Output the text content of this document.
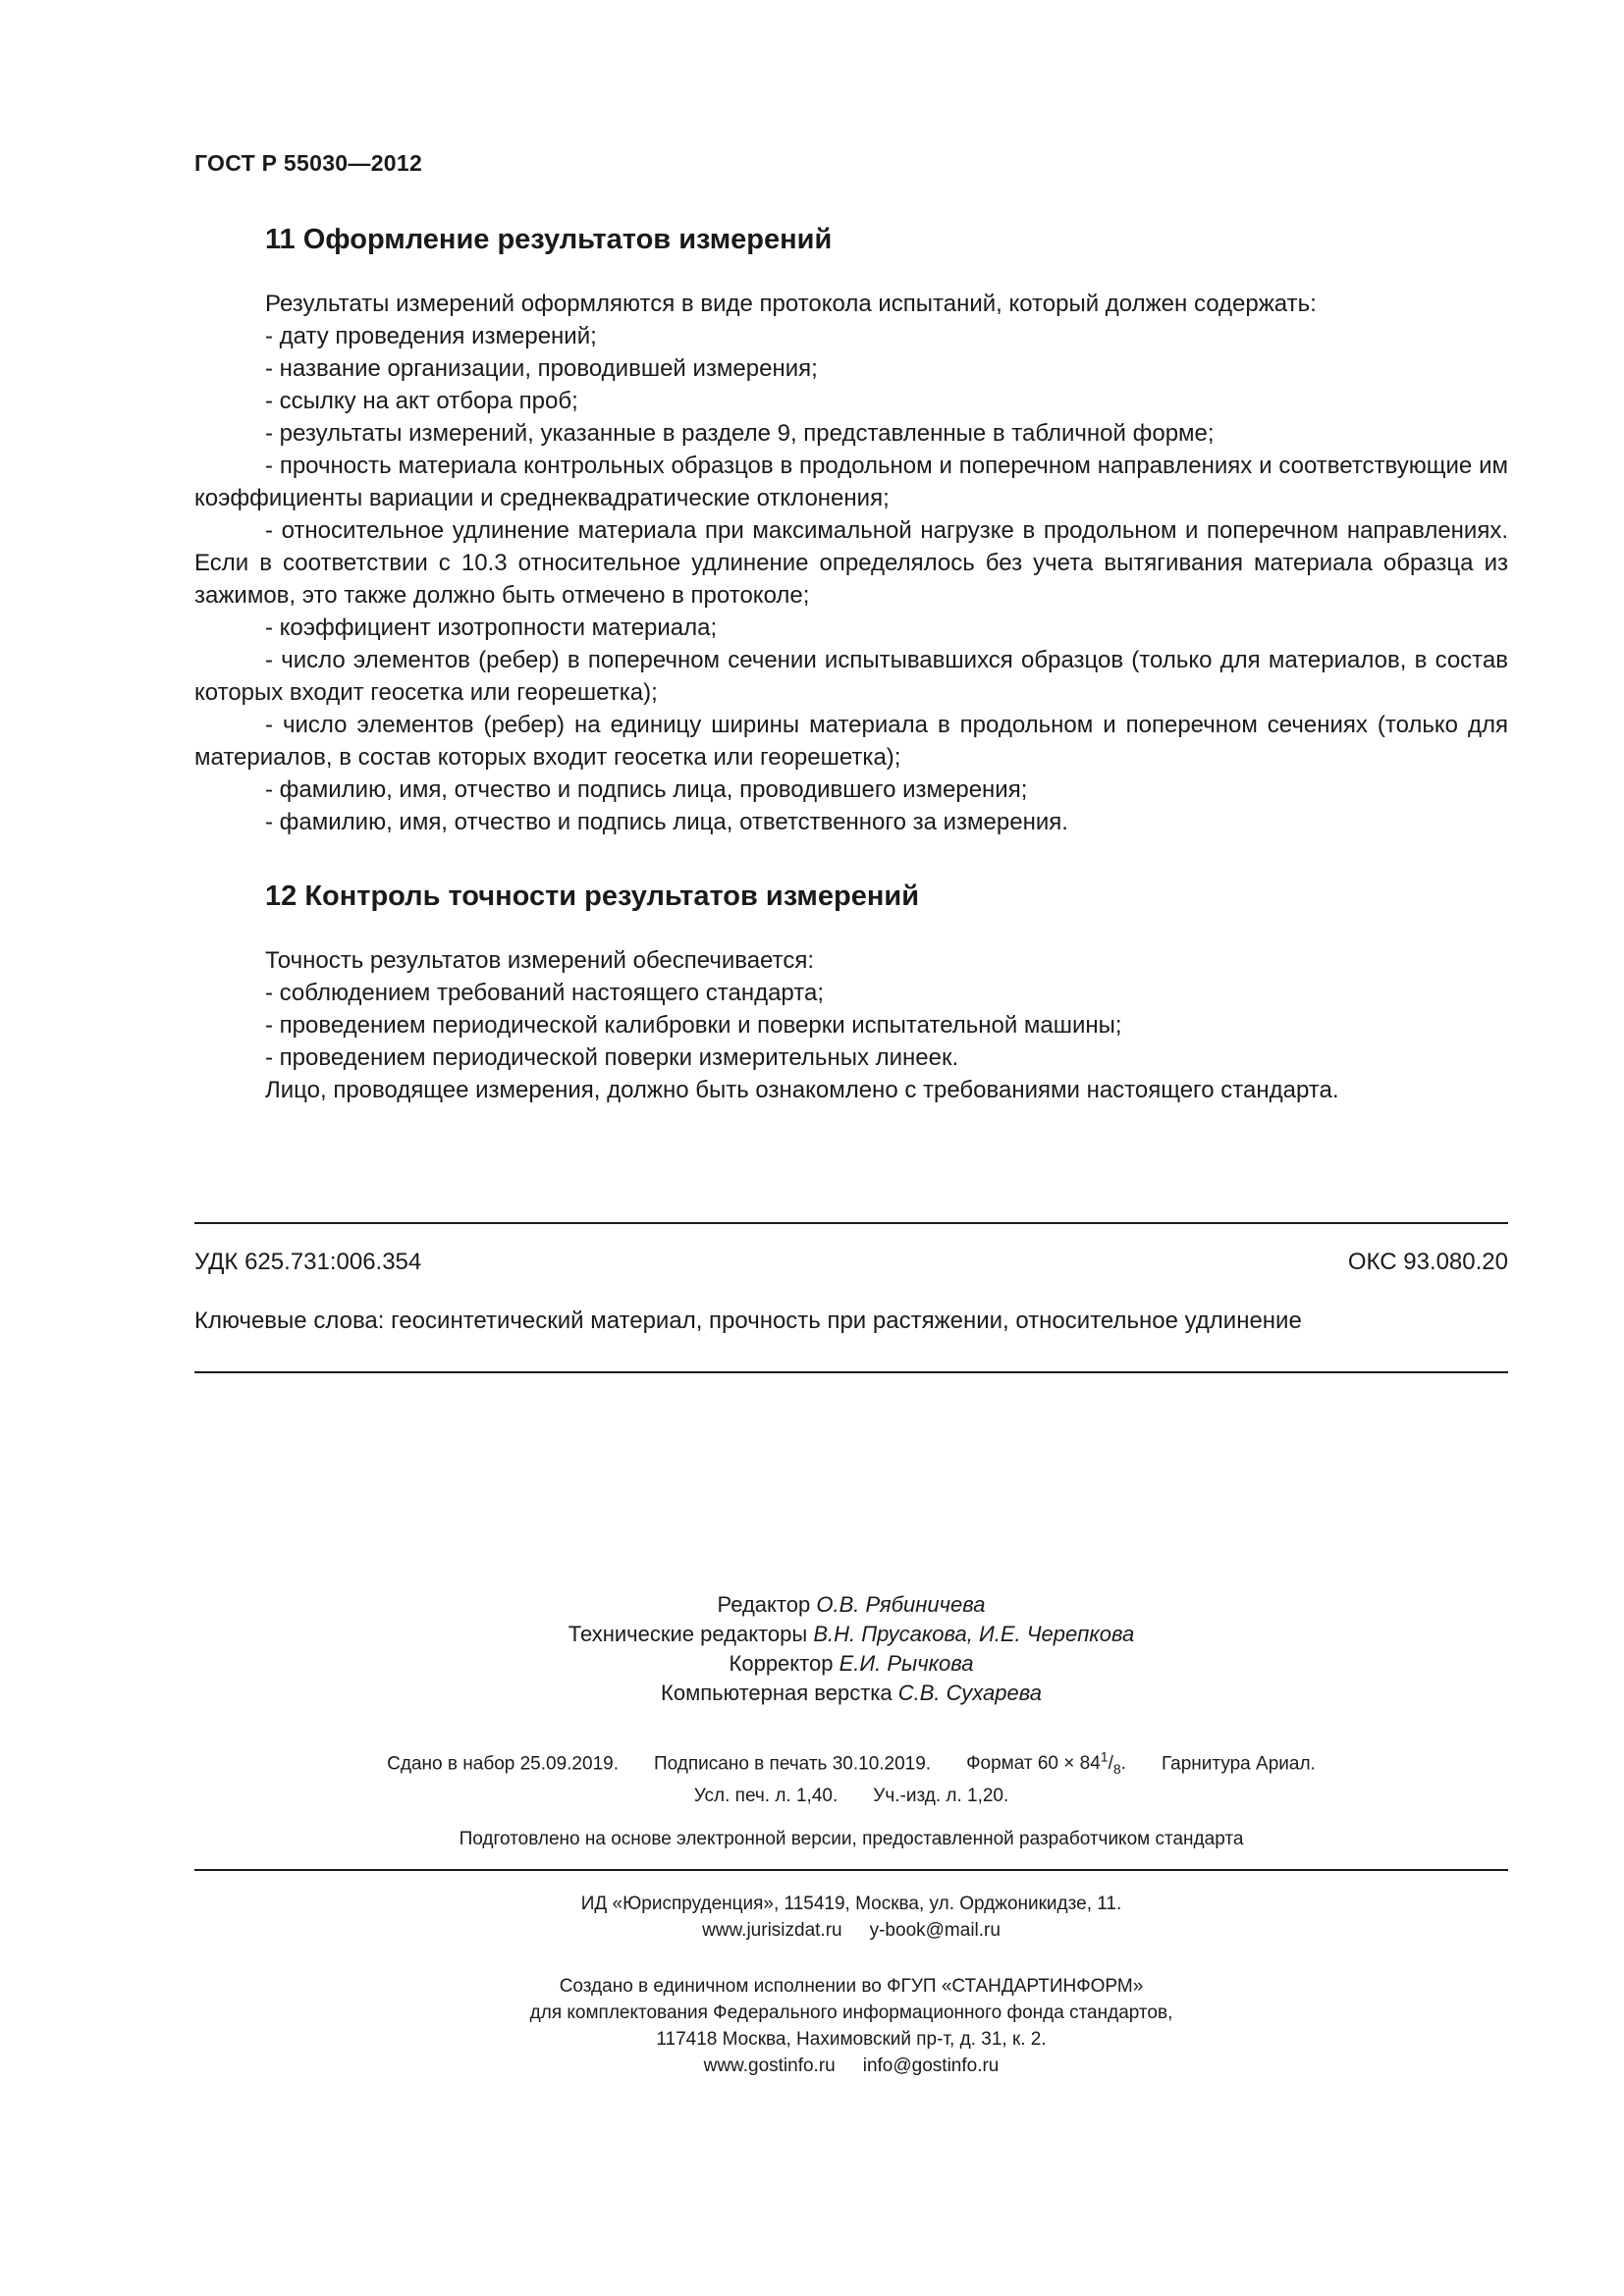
ГОСТ Р 55030—2012
11 Оформление результатов измерений

Результаты измерений оформляются в виде протокола испытаний, который должен содержать:

- дату проведения измерений;

- название организации, проводившей измерения;

- ссылку на акт отбора проб;

- результаты измерений, указанные в разделе 9, представленные в табличной форме;

- прочность материала контрольных образцов в продольном и поперечном направлениях и соответствующие им коэффициенты вариации и среднеквадратические отклонения;

- относительное удлинение материала при максимальной нагрузке в продольном и поперечном направлениях. Если в соответствии с 10.3 относительное удлинение определялось без учета вытягивания материала образца из зажимов, это также должно быть отмечено в протоколе;

- коэффициент изотропности материала;

- число элементов (ребер) в поперечном сечении испытывавшихся образцов (только для материалов, в состав которых входит геосетка или георешетка);

- число элементов (ребер) на единицу ширины материала в продольном и поперечном сечениях (только для материалов, в состав которых входит геосетка или георешетка);

- фамилию, имя, отчество и подпись лица, проводившего измерения;

- фамилию, имя, отчество и подпись лица, ответственного за измерения.

12 Контроль точности результатов измерений

Точность результатов измерений обеспечивается:

- соблюдением требований настоящего стандарта;

- проведением периодической калибровки и поверки испытательной машины;

- проведением периодической поверки измерительных линеек.

Лицо, проводящее измерения, должно быть ознакомлено с требованиями настоящего стандарта.

УДК 625.731:006.354	ОКС 93.080.20
Ключевые слова: геосинтетический материал, прочность при растяжении, относительное удлинение
Редактор О.В. Рябиничева
Технические редакторы В.Н. Прусакова, И.Е. Черепкова
Корректор Е.И. Рычкова
Компьютерная верстка С.В. Сухарева
Сдано в набор 25.09.2019. Подписано в печать 30.10.2019. Формат $60 \times 84^1/_8$. Гарнитура Ариал.
Усл. печ. л. 1,40. Уч.-изд. л. 1,20.
Подготовлено на основе электронной версии, предоставленной разработчиком стандарта
ИД «Юриспруденция», 115419, Москва, ул. Орджоникидзе, 11.
www.jurisizdat.ru y-book@mail.ru
Создано в единичном исполнении во ФГУП «СТАНДАРТИНФОРМ»
для комплектования Федерального информационного фонда стандартов,
117418 Москва, Нахимовский пр-т, д. 31, к. 2.
www.gostinfo.ru info@gostinfo.ru
